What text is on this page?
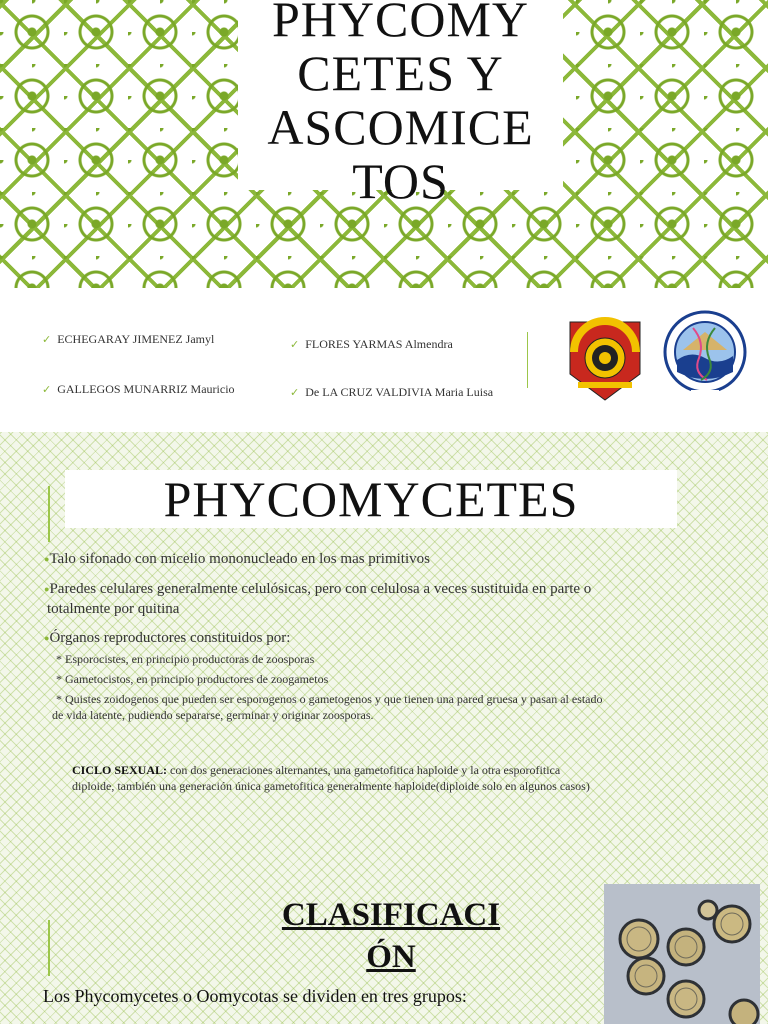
PHYCOMY
CETES Y
ASCOMICE
TOS
✓ ECHEGARAY JIMENEZ Jamyl
✓ GALLEGOS MUNARRIZ Mauricio
✓ FLORES YARMAS Almendra
✓ De LA CRUZ VALDIVIA Maria Luisa
PHYCOMYCETES
●Talo sifonado con micelio mononucleado en los mas primitivos
●Paredes celulares generalmente celulósicas, pero con celulosa a veces sustituida en parte o
totalmente por quitina
●Órganos reproductores constituidos por:
* Esporocistes, en principio productoras de zoosporas
* Gametocistos, en principio productores de zoogametos
* Quistes zoidogenos que pueden ser esporogenos o gametogenos y que tienen una pared gruesa y pasan al estado
de vida latente, pudiendo separarse, germinar y originar zoosporas.
CICLO SEXUAL: con dos generaciones alternantes, una gametofitica haploide y la otra esporofitica
diploide, también una generación única gametofitica generalmente haploide(diploide solo en algunos casos)
CLASIFICACI
ÓN
Los Phycomycetes o Oomycotas se dividen en tres grupos:
